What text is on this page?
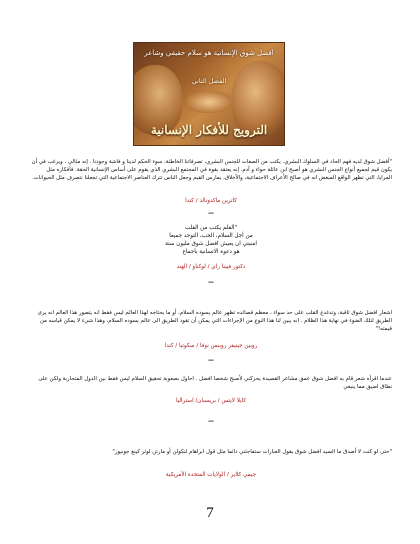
افضل شوق الإنسانية هو سلام حقيقي وشاعر
الفضل الثاني
الترويج للأفكار الإنسانية
"أفضل شوق لديه فهم الحاد في السلوك البشري. يكتب من الصفات للجنس البشري، تصرفاتنا الخاطئة، سوء الحكم لدينا و فاشة وجودنا . إنه مثالي ، ويرغب في أن يكون قيم لجميع أنواع الجنس البشري هو أصبح ابن عائلة حواء و آدم. إنه يعتقد بقوة في المجتمع البشري الذي يقوم على أساس الإنسانية الحقة. فأفكاره مثل المرايا، التي تظهر الواقع المبغض انه في صالح الأعراف الاجتماعية، والأخلاق، يمارس القيم وجعل الناس تترك العناصر الاجتماعية التي تجعلنا نتصرف مثل الحيوانات.
كاترين ماكدونالد / كندا
—
"القلم يكتب من القلب
من أجل السلام، الحب، التوحد جميعا
امنيتي ان يعيش افضل شوق مليون سنة
هو دعوة الانسانية باجماع
دكتور فيينا راي / لوكناو / الهند
—
اشعار افضل شوق ثاقبة، وتدغدغ القلب على حد سواء ، معظم قصائده تظهر عالم يسوده السلام، أو ما يحتاجه لهذا العالم ليس فقط انه يتصور هذا العالم انه يرى الطريق لتلك الضوء في نهاية هذا الظلام . انه يبين لنا هذا النوع من الإجراءات التي يمكن أن تقود الطريق الى عالم يسوده السلام، وهذا شيء لا يمكن قياسه من قيمته!"
روبين جينيفر روبنس نوفا / سكوتيا / كندا
—
عندما اقرأه شعر قام به افضل شوق عمق مشاعر القصيدة يحركني لأصبح شخصا افضل . احاول بصعوبة تحقيق السلام ليس فقط بين الدول المتحاربة ولكن على نطاق اضيق مما ينبغي
كايلا لايتس / بريسبان/ استراليا
—
"حتى لو كنت لا أصدق ما السيد افضل شوق يقول العبارات ستفاجئني دائما مثل قول ابراهام لنكولن أو مارتن لوثر كينغ جونيور"
جيمي كلاير / الولايات المتحدة الأمريكية
7
